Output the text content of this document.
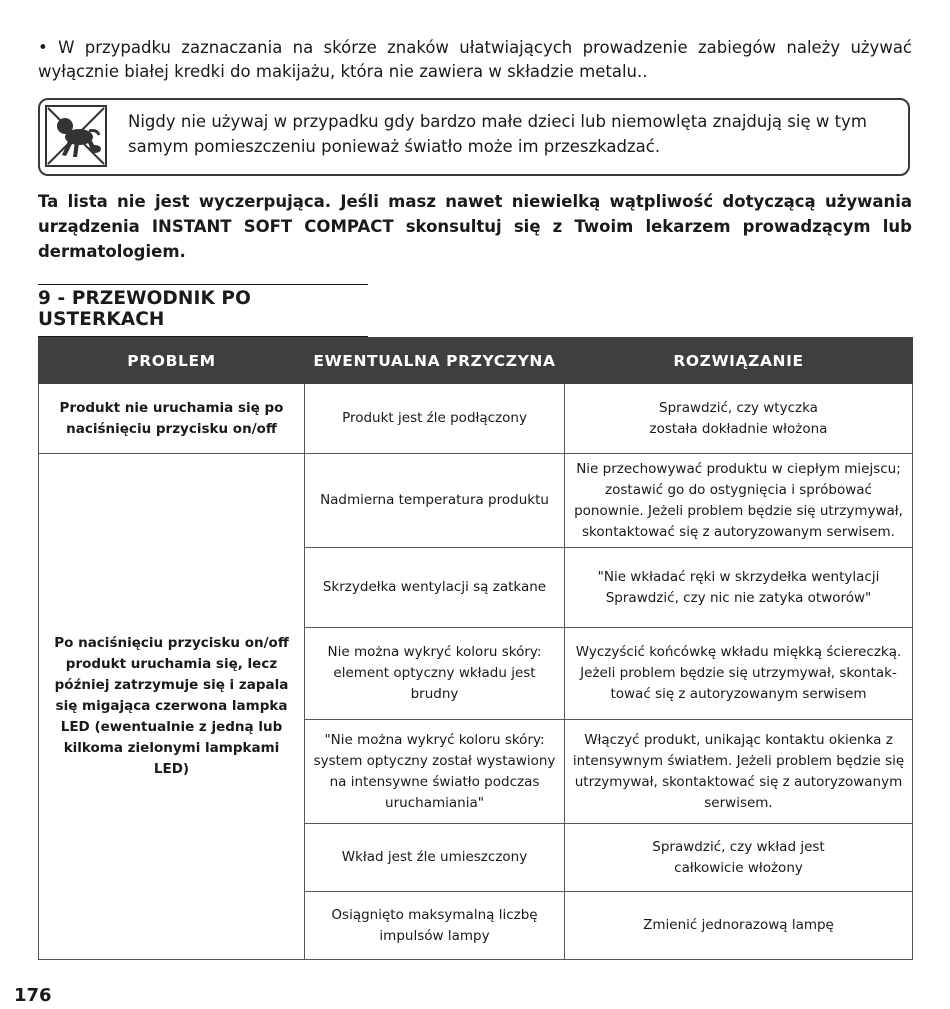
• W przypadku zaznaczania na skórze znaków ułatwiających prowadzenie zabiegów należy używać wyłącznie białej kredki do makijażu, która nie zawiera w składzie metalu..

Nigdy nie używaj w przypadku gdy bardzo małe dzieci lub niemowlęta znajdują się w tym samym pomieszczeniu ponieważ światło może im przeszkadzać.

Ta lista nie jest wyczerpująca. Jeśli masz nawet niewielką wątpliwość dotyczącą używania urządzenia INSTANT SOFT COMPACT skonsultuj się z Twoim lekarzem prowadzącym lub dermatologiem.

9 - PRZEWODNIK PO USTERKACH
PROBLEM	EWENTUALNA PRZYCZYNA	ROZWIĄZANIE
Produkt nie uruchamia się po naciśnięciu przycisku on/off	Produkt jest źle podłączony	Sprawdzić, czy wtyczka
została dokładnie włożona
Po naciśnięciu przycisku on/off produkt uruchamia się, lecz później zatrzymuje się i zapala się migająca czerwona lampka LED (ewentualnie z jedną lub kilkoma zielonymi lampkami LED)	Nadmierna temperatura produktu	Nie przechowywać produktu w ciepłym miejscu; zostawić go do ostygnięcia i spróbować ponownie. Jeżeli problem będzie się utrzymywał, skontaktować się z autoryzowanym serwisem.
	Skrzydełka wentylacji są zatkane	"Nie wkładać ręki w skrzydełka wentylacji Sprawdzić, czy nic nie zatyka otworów"
	Nie można wykryć koloru skóry: element optyczny wkładu jest brudny	Wyczyścić końcówkę wkładu miękką ściereczką. Jeżeli problem będzie się utrzymywał, skontak-tować się z autoryzowanym serwisem
	"Nie można wykryć koloru skóry: system optyczny został wystawiony na intensywne światło podczas uruchamiania"	Włączyć produkt, unikając kontaktu okienka z intensywnym światłem. Jeżeli problem będzie się utrzymywał, skontaktować się z autoryzowanym serwisem.
	Wkład jest źle umieszczony	Sprawdzić, czy wkład jest
całkowicie włożony
	Osiągnięto maksymalną liczbę impulsów lampy	Zmienić jednorazową lampę
176
